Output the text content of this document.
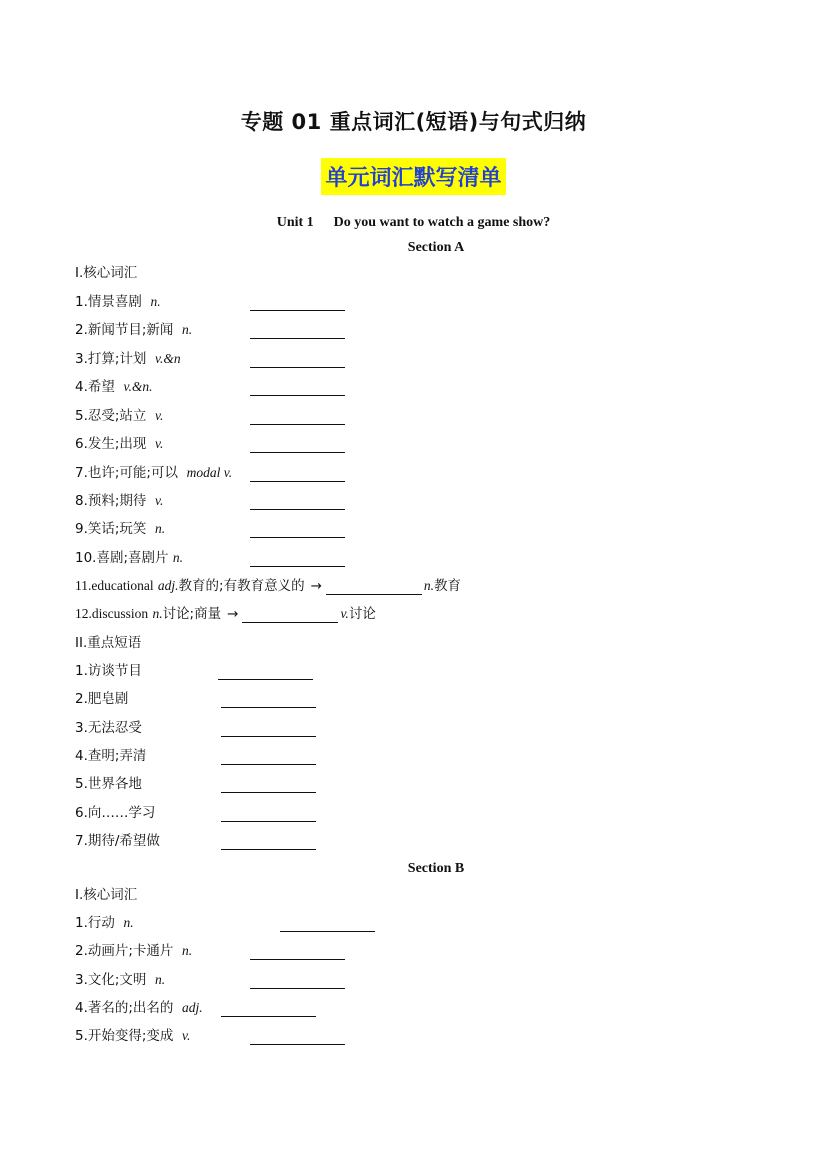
专题 01 重点词汇(短语)与句式归纳
单元词汇默写清单
Unit 1 Do you want to watch a game show?
Section A
I.核心词汇
1.情景喜剧 n.
2.新闻节目;新闻 n.
3.打算;计划 v.&n
4.希望 v.&n.
5.忍受;站立 v.
6.发生;出现 v.
7.也许;可能;可以 modal v.
8.预料;期待 v.
9.笑话;玩笑 n.
10.喜剧;喜剧片 n.
11.educational adj.教育的;有教育意义的 →	n.教育
12.discussion n.讨论;商量 →	v.讨论
II.重点短语
1.访谈节目
2.肥皂剧
3.无法忍受
4.查明;弄清
5.世界各地
6.向……学习
7.期待/希望做
Section B
I.核心词汇
1.行动 n.
2.动画片;卡通片 n.
3.文化;文明 n.
4.著名的;出名的 adj.
5.开始变得;变成 v.
